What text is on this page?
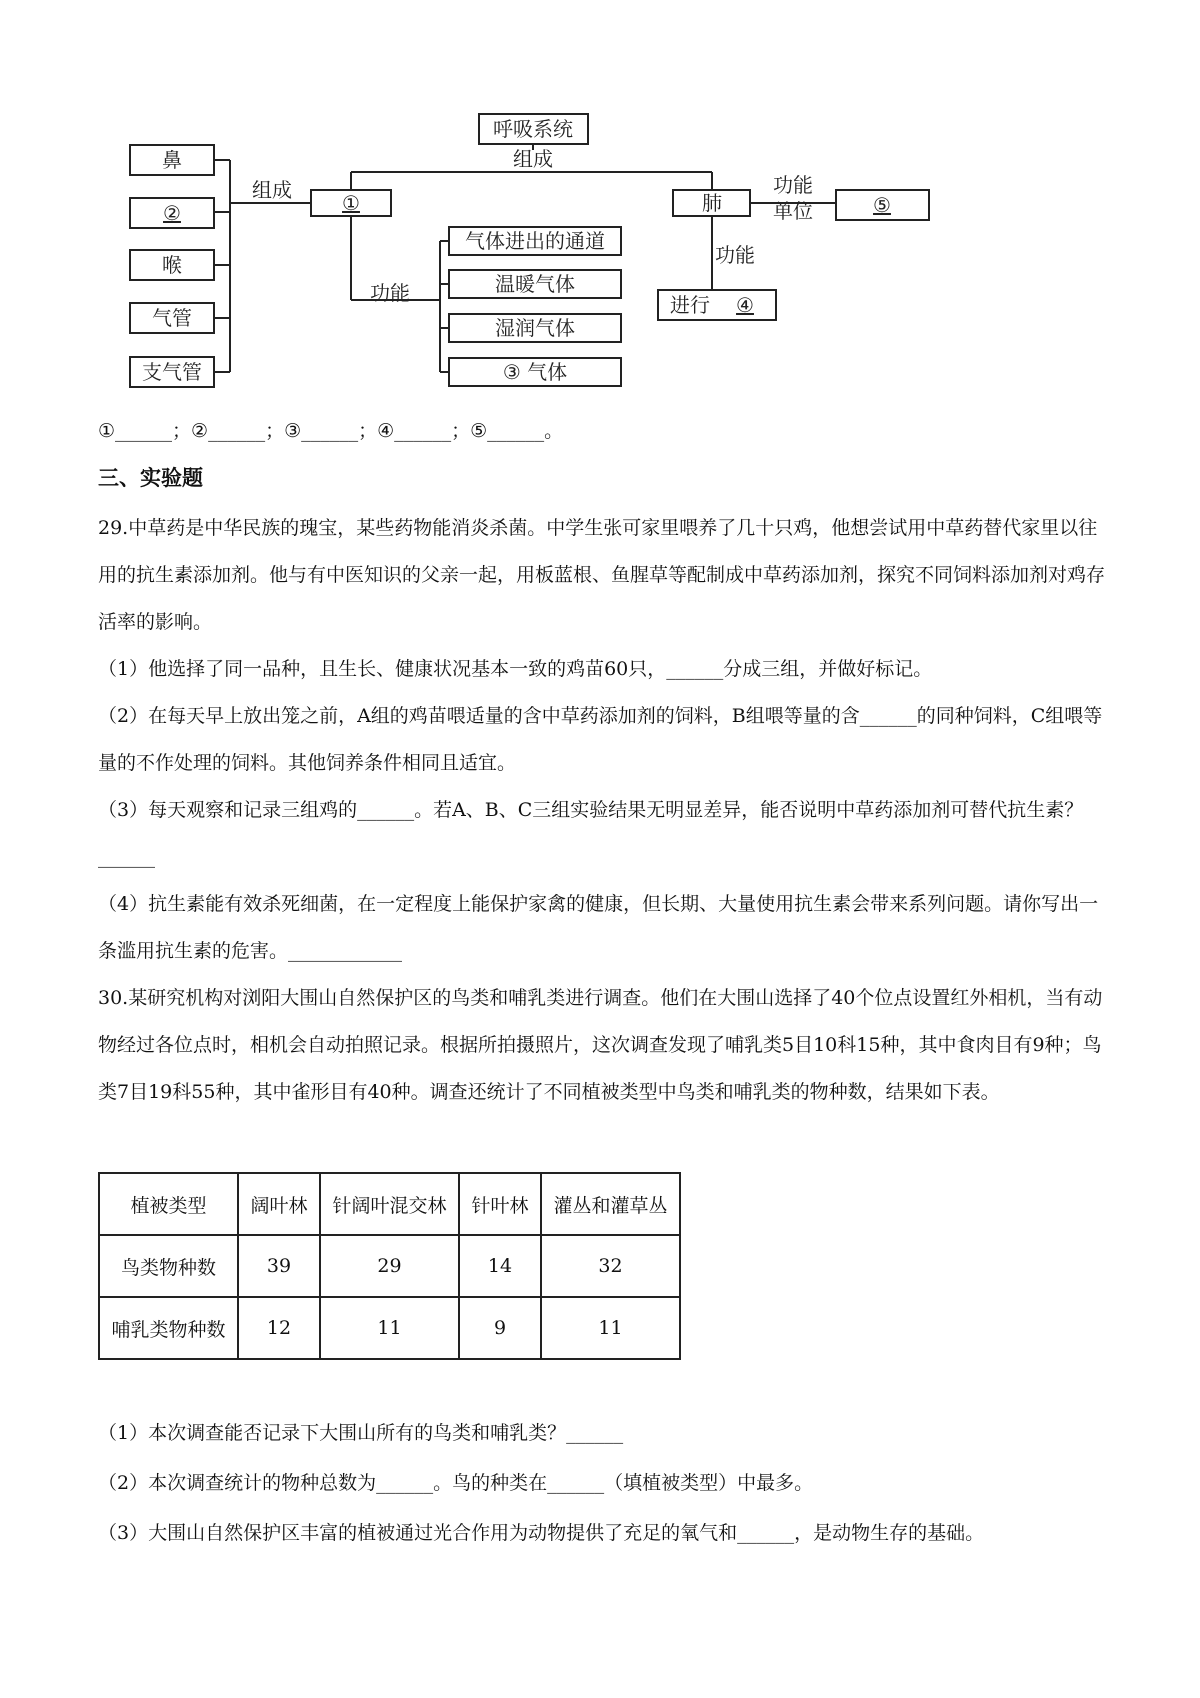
呼吸系统
组成
组成
①	肺	⑤
功能
单位
鼻
②
喉
气管
支气管
功能
气体进出的通道
温暖气体
湿润气体
③ 气体
功能
进行 ④
①______；②______；③______；④______；⑤______。
三、实验题

29.中草药是中华民族的瑰宝，某些药物能消炎杀菌。中学生张可家里喂养了几十只鸡，他想尝试用中草药替代家里以往用的抗生素添加剂。他与有中医知识的父亲一起，用板蓝根、鱼腥草等配制成中草药添加剂，探究不同饲料添加剂对鸡存活率的影响。

（1）他选择了同一品种，且生长、健康状况基本一致的鸡苗60只，______分成三组，并做好标记。

（2）在每天早上放出笼之前，A组的鸡苗喂适量的含中草药添加剂的饲料，B组喂等量的含______的同种饲料，C组喂等量的不作处理的饲料。其他饲养条件相同且适宜。

（3）每天观察和记录三组鸡的______。若A、B、C三组实验结果无明显差异，能否说明中草药添加剂可替代抗生素？______

（4）抗生素能有效杀死细菌，在一定程度上能保护家禽的健康，但长期、大量使用抗生素会带来系列问题。请你写出一条滥用抗生素的危害。____________

30.某研究机构对浏阳大围山自然保护区的鸟类和哺乳类进行调查。他们在大围山选择了40个位点设置红外相机，当有动物经过各位点时，相机会自动拍照记录。根据所拍摄照片，这次调查发现了哺乳类5目10科15种，其中食肉目有9种；鸟类7目19科55种，其中雀形目有40种。调查还统计了不同植被类型中鸟类和哺乳类的物种数，结果如下表。

植被类型	阔叶林	针阔叶混交林	针叶林	灌丛和灌草丛
鸟类物种数	39	29	14	32
哺乳类物种数	12	11	9	11
（1）本次调查能否记录下大围山所有的鸟类和哺乳类？______
（2）本次调查统计的物种总数为______。鸟的种类在______（填植被类型）中最多。
（3）大围山自然保护区丰富的植被通过光合作用为动物提供了充足的氧气和______，是动物生存的基础。
